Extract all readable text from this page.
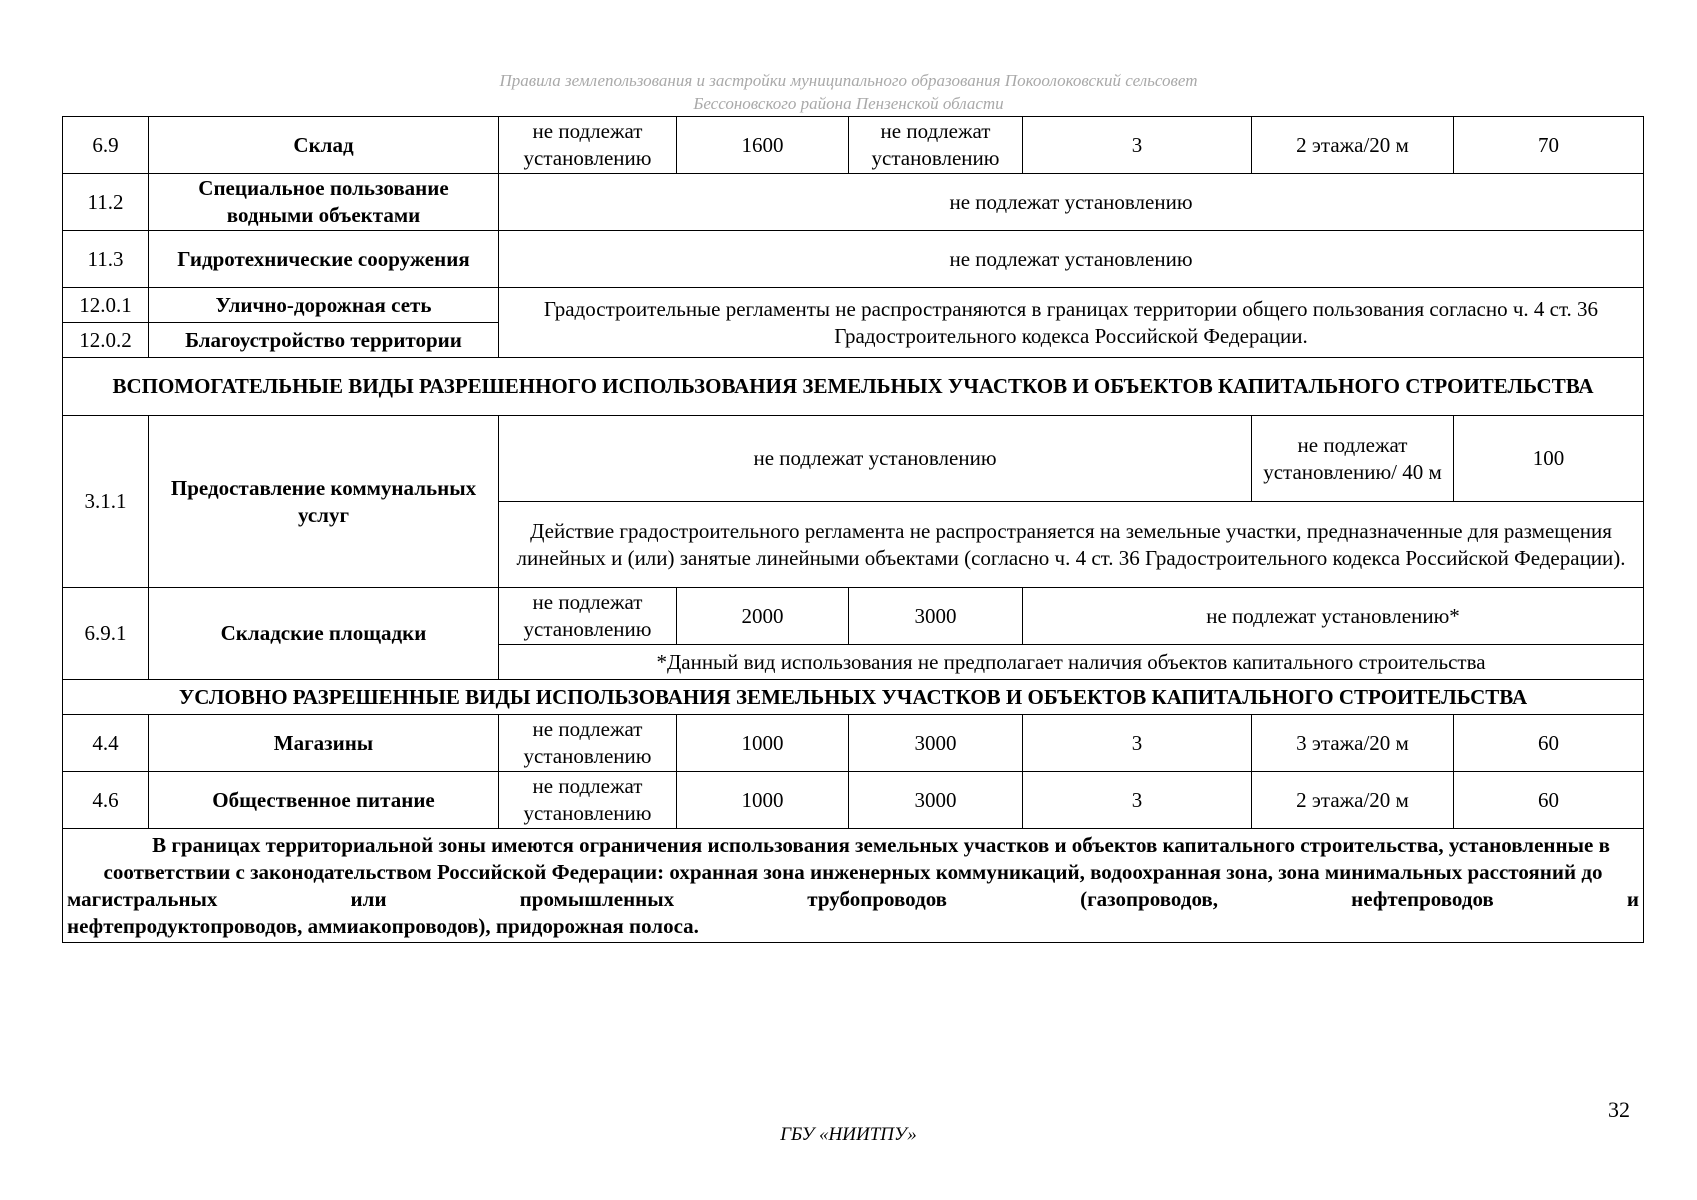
Правила землепользования и застройки муниципального образования Покоолоковский сельсовет
Бессоновского района Пензенской области
6.9	Склад	не подлежат установлению	1600	не подлежат установлению	3	2 этажа/20 м	70
11.2	Специальное пользование водными объектами	не подлежат установлению					
11.3	Гидротехнические сооружения	не подлежат установлению					
12.0.1	Улично-дорожная сеть	Градостроительные регламенты не распространяются в границах территории общего пользования согласно ч. 4 ст. 36 Градостроительного кодекса Российской Федерации.					
12.0.2	Благоустройство территории						
ВСПОМОГАТЕЛЬНЫЕ ВИДЫ РАЗРЕШЕННОГО ИСПОЛЬЗОВАНИЯ ЗЕМЕЛЬНЫХ УЧАСТКОВ И ОБЪЕКТОВ КАПИТАЛЬНОГО СТРОИТЕЛЬСТВА							
3.1.1	Предоставление коммунальных услуг	не подлежат установлению				не подлежат установлению/ 40 м	100
		Действие градостроительного регламента не распространяется на земельные участки, предназначенные для размещения линейных и (или) занятые линейными объектами (согласно ч. 4 ст. 36 Градостроительного кодекса Российской Федерации).					
6.9.1	Складские площадки	не подлежат установлению	2000	3000	не подлежат установлению*		
		*Данный вид использования не предполагает наличия объектов капитального строительства					
УСЛОВНО РАЗРЕШЕННЫЕ ВИДЫ ИСПОЛЬЗОВАНИЯ ЗЕМЕЛЬНЫХ УЧАСТКОВ И ОБЪЕКТОВ КАПИТАЛЬНОГО СТРОИТЕЛЬСТВА							
4.4	Магазины	не подлежат установлению	1000	3000	3	3 этажа/20 м	60
4.6	Общественное питание	не подлежат установлению	1000	3000	3	2 этажа/20 м	60

В границах территориальной зоны имеются ограничения использования земельных участков и объектов капитального строительства, установленные в соответствии с законодательством Российской Федерации: охранная зона инженерных коммуникаций, водоохранная зона, зона минимальных расстояний до магистральных или промышленных трубопроводов (газопроводов, нефтепроводов и
нефтепродуктопроводов, аммиакопроводов), придорожная полоса.							
32
ГБУ «НИИТПУ»
